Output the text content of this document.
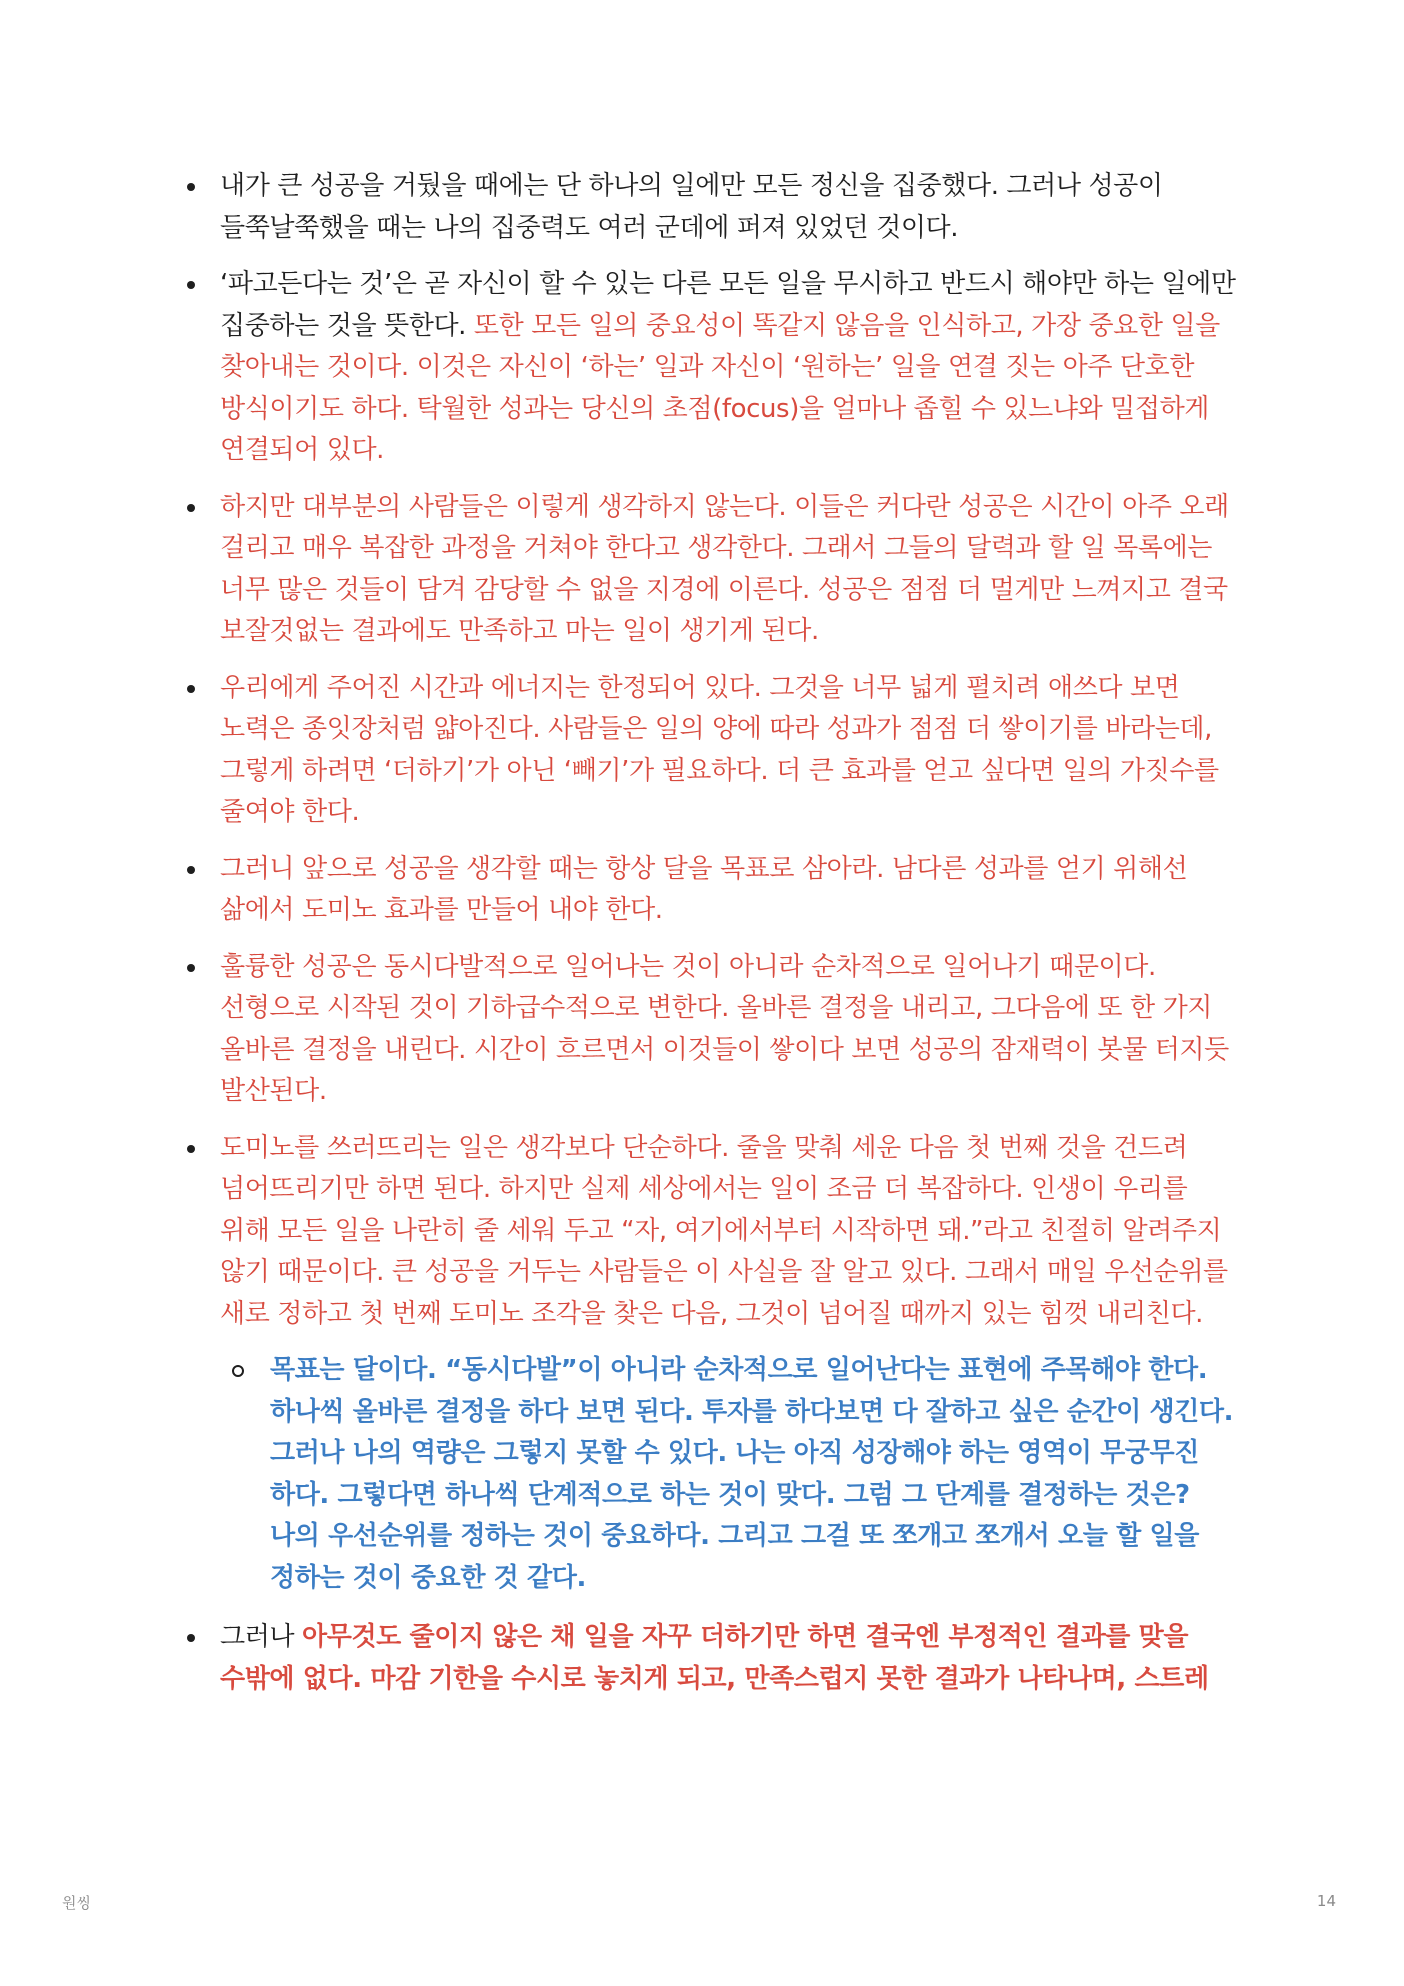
내가 큰 성공을 거뒀을 때에는 단 하나의 일에만 모든 정신을 집중했다. 그러나 성공이 들쭉날쭉했을 때는 나의 집중력도 여러 군데에 퍼져 있었던 것이다.
‘파고든다는 것’은 곧 자신이 할 수 있는 다른 모든 일을 무시하고 반드시 해야만 하는 일에만 집중하는 것을 뜻한다. 또한 모든 일의 중요성이 똑같지 않음을 인식하고, 가장 중요한 일을 찾아내는 것이다. 이것은 자신이 ‘하는’ 일과 자신이 ‘원하는’ 일을 연결 짓는 아주 단호한 방식이기도 하다. 탁월한 성과는 당신의 초점(focus)을 얼마나 좁힐 수 있느냐와 밀접하게 연결되어 있다.
하지만 대부분의 사람들은 이렇게 생각하지 않는다. 이들은 커다란 성공은 시간이 아주 오래 걸리고 매우 복잡한 과정을 거쳐야 한다고 생각한다. 그래서 그들의 달력과 할 일 목록에는 너무 많은 것들이 담겨 감당할 수 없을 지경에 이른다. 성공은 점점 더 멀게만 느껴지고 결국 보잘것없는 결과에도 만족하고 마는 일이 생기게 된다.
우리에게 주어진 시간과 에너지는 한정되어 있다. 그것을 너무 넓게 펼치려 애쓰다 보면 노력은 종잇장처럼 얇아진다. 사람들은 일의 양에 따라 성과가 점점 더 쌓이기를 바라는데, 그렇게 하려면 ‘더하기’가 아닌 ‘빼기’가 필요하다. 더 큰 효과를 얻고 싶다면 일의 가짓수를 줄여야 한다.
그러니 앞으로 성공을 생각할 때는 항상 달을 목표로 삼아라. 남다른 성과를 얻기 위해선 삶에서 도미노 효과를 만들어 내야 한다.
훌륭한 성공은 동시다발적으로 일어나는 것이 아니라 순차적으로 일어나기 때문이다. 선형으로 시작된 것이 기하급수적으로 변한다. 올바른 결정을 내리고, 그다음에 또 한 가지 올바른 결정을 내린다. 시간이 흐르면서 이것들이 쌓이다 보면 성공의 잠재력이 봇물 터지듯 발산된다.
도미노를 쓰러뜨리는 일은 생각보다 단순하다. 줄을 맞춰 세운 다음 첫 번째 것을 건드려 넘어뜨리기만 하면 된다. 하지만 실제 세상에서는 일이 조금 더 복잡하다. 인생이 우리를 위해 모든 일을 나란히 줄 세워 두고 “자, 여기에서부터 시작하면 돼.”라고 친절히 알려주지 않기 때문이다. 큰 성공을 거두는 사람들은 이 사실을 잘 알고 있다. 그래서 매일 우선순위를 새로 정하고 첫 번째 도미노 조각을 찾은 다음, 그것이 넘어질 때까지 있는 힘껏 내리친다.
목표는 달이다. “동시다발”이 아니라 순차적으로 일어난다는 표현에 주목해야 한다. 하나씩 올바른 결정을 하다 보면 된다. 투자를 하다보면 다 잘하고 싶은 순간이 생긴다. 그러나 나의 역량은 그렇지 못할 수 있다. 나는 아직 성장해야 하는 영역이 무궁무진 하다. 그렇다면 하나씩 단계적으로 하는 것이 맞다. 그럼 그 단계를 결정하는 것은? 나의 우선순위를 정하는 것이 중요하다. 그리고 그걸 또 쪼개고 쪼개서 오늘 할 일을 정하는 것이 중요한 것 같다.
그러나 아무것도 줄이지 않은 채 일을 자꾸 더하기만 하면 결국엔 부정적인 결과를 맞을 수밖에 없다. 마감 기한을 수시로 놓치게 되고, 만족스럽지 못한 결과가 나타나며, 스트레
원씽	14
